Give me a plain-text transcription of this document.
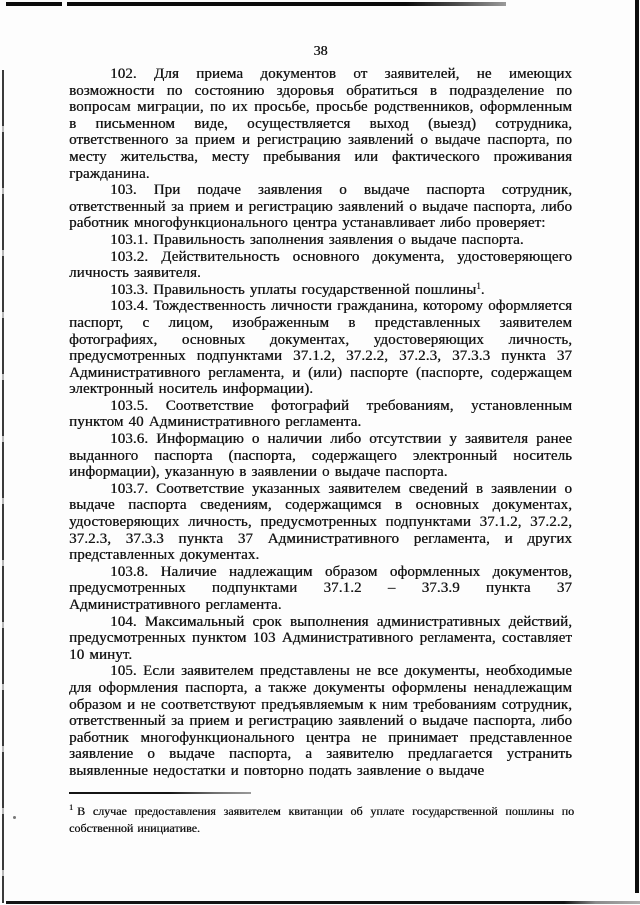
38

102. Для приема документов от заявителей, не имеющих возможности по состоянию здоровья обратиться в подразделение по вопросам миграции, по их просьбе, просьбе родственников, оформленным в письменном виде, осуществляется выход (выезд) сотрудника, ответственного за прием и регистрацию заявлений о выдаче паспорта, по месту жительства, месту пребывания или фактического проживания гражданина.

103. При подаче заявления о выдаче паспорта сотрудник, ответственный за прием и регистрацию заявлений о выдаче паспорта, либо работник многофункционального центра устанавливает либо проверяет:

103.1. Правильность заполнения заявления о выдаче паспорта.

103.2. Действительность основного документа, удостоверяющего личность заявителя.

103.3. Правильность уплаты государственной пошлины$^1$.

103.4. Тождественность личности гражданина, которому оформляется паспорт, с лицом, изображенным в представленных заявителем фотографиях, основных документах, удостоверяющих личность, предусмотренных подпунктами 37.1.2, 37.2.2, 37.2.3, 37.3.3 пункта 37 Административного регламента, и (или) паспорте (паспорте, содержащем электронный носитель информации).

103.5. Соответствие фотографий требованиям, установленным пунктом 40 Административного регламента.

103.6. Информацию о наличии либо отсутствии у заявителя ранее выданного паспорта (паспорта, содержащего электронный носитель информации), указанную в заявлении о выдаче паспорта.

103.7. Соответствие указанных заявителем сведений в заявлении о выдаче паспорта сведениям, содержащимся в основных документах, удостоверяющих личность, предусмотренных подпунктами 37.1.2, 37.2.2, 37.2.3, 37.3.3 пункта 37 Административного регламента, и других представленных документах.

103.8. Наличие надлежащим образом оформленных документов, предусмотренных подпунктами 37.1.2 – 37.3.9 пункта 37 Административного регламента.

104. Максимальный срок выполнения административных действий, предусмотренных пунктом 103 Административного регламента, составляет 10 минут.

105. Если заявителем представлены не все документы, необходимые для оформления паспорта, а также документы оформлены ненадлежащим образом и не соответствуют предъявляемым к ним требованиям сотрудник, ответственный за прием и регистрацию заявлений о выдаче паспорта, либо работник многофункционального центра не принимает представленное заявление о выдаче паспорта, а заявителю предлагается устранить выявленные недостатки и повторно подать заявление о выдаче

$^1$ В случае предоставления заявителем квитанции об уплате государственной пошлины по собственной инициативе.
